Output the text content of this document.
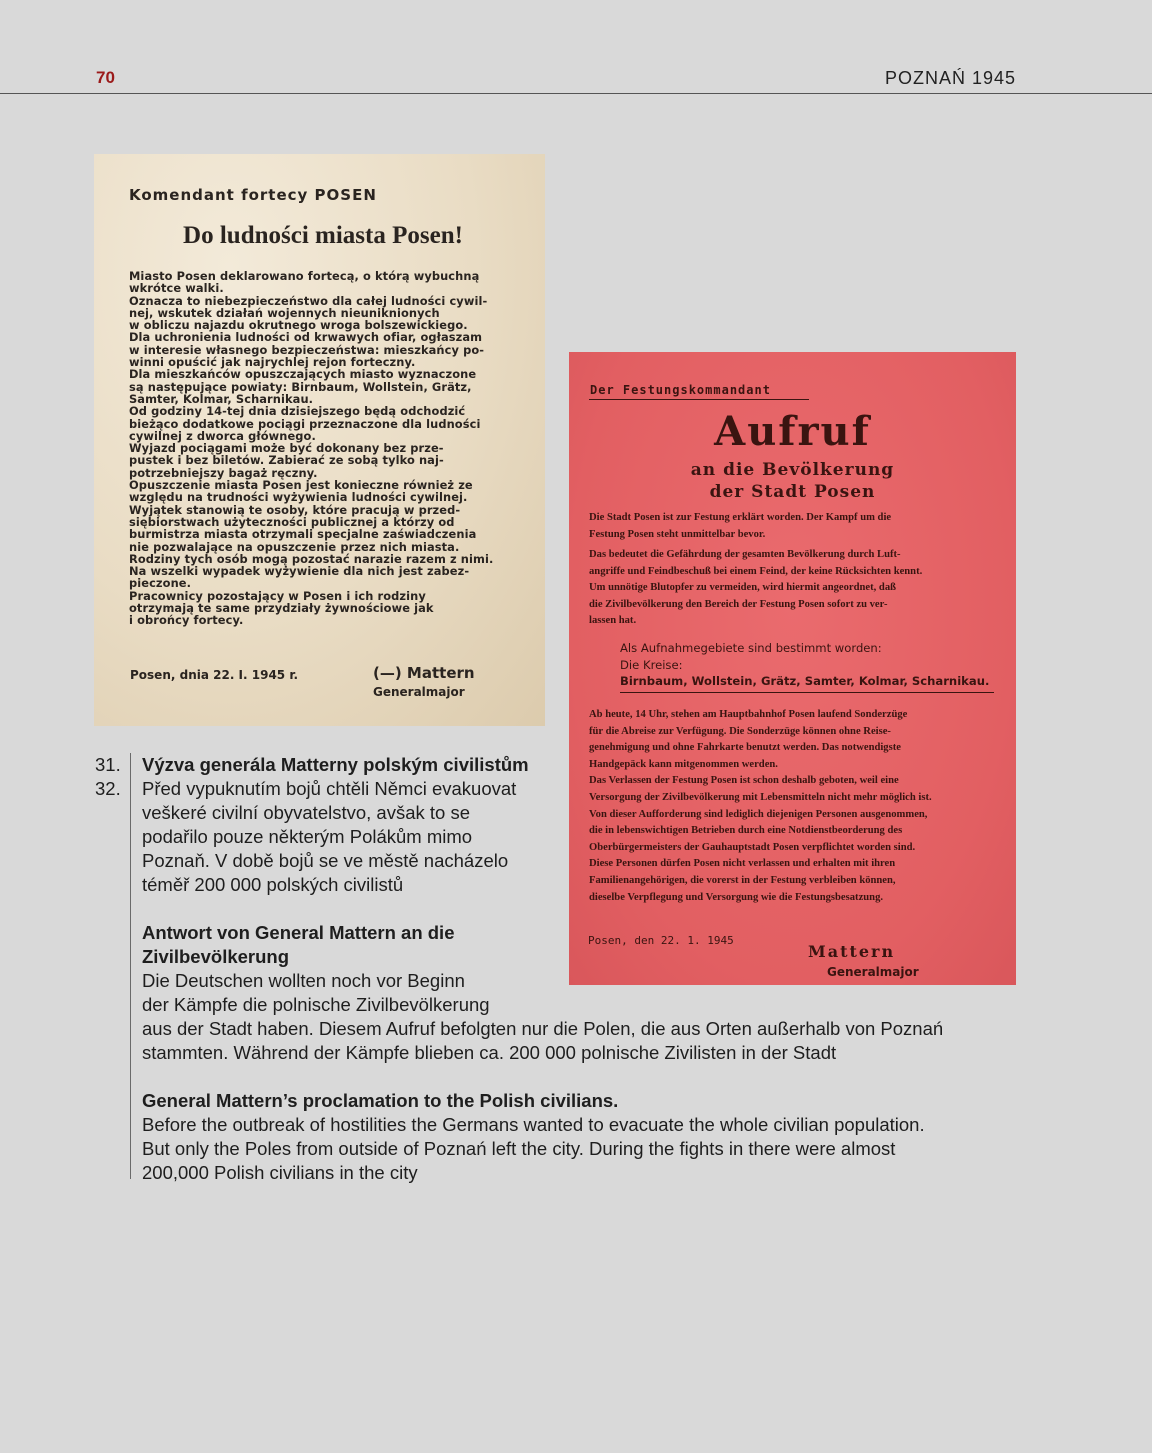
70	POZNAŃ 1945
Komendant fortecy POSEN
Do ludności miasta Posen!
Miasto Posen deklarowano fortecą, o którą wybuchną
wkrótce walki.
Oznacza to niebezpieczeństwo dla całej ludności cywil-
nej, wskutek działań wojennych nieuniknionych
w obliczu najazdu okrutnego wroga bolszewickiego.
Dla uchronienia ludności od krwawych ofiar, ogłaszam
w interesie własnego bezpieczeństwa: mieszkańcy po-
winni opuścić jak najrychlej rejon forteczny.
Dla mieszkańców opuszczających miasto wyznaczone
są następujące powiaty: Birnbaum, Wollstein, Grätz,
Samter, Kolmar, Scharnikau.
Od godziny 14-tej dnia dzisiejszego będą odchodzić
bieżąco dodatkowe pociągi przeznaczone dla ludności
cywilnej z dworca głównego.
Wyjazd pociągami może być dokonany bez prze-
pustek i bez biletów. Zabierać ze sobą tylko naj-
potrzebniejszy bagaż ręczny.
Opuszczenie miasta Posen jest konieczne również ze
względu na trudności wyżywienia ludności cywilnej.
Wyjątek stanowią te osoby, które pracują w przed-
siębiorstwach użyteczności publicznej a którzy od
burmistrza miasta otrzymali specjalne zaświadczenia
nie pozwalające na opuszczenie przez nich miasta.
Rodziny tych osób mogą pozostać narazie razem z nimi.
Na wszelki wypadek wyżywienie dla nich jest zabez-
pieczone.
Pracownicy pozostający w Posen i ich rodziny
otrzymają te same przydziały żywnościowe jak
i obrońcy fortecy.
Posen, dnia 22. I. 1945 r.	(—) Mattern
Generalmajor
Der Festungskommandant
Aufruf
an die Bevölkerung
der Stadt Posen
Die Stadt Posen ist zur Festung erklärt worden. Der Kampf um die
Festung Posen steht unmittelbar bevor.
Das bedeutet die Gefährdung der gesamten Bevölkerung durch Luft-
angriffe und Feindbeschuß bei einem Feind, der keine Rücksichten kennt.
Um unnötige Blutopfer zu vermeiden, wird hiermit angeordnet, daß
die Zivilbevölkerung den Bereich der Festung Posen sofort zu ver-
lassen hat.
Als Aufnahmegebiete sind bestimmt worden:
Die Kreise:
Birnbaum, Wollstein, Grätz, Samter, Kolmar, Scharnikau.
Ab heute, 14 Uhr, stehen am Hauptbahnhof Posen laufend Sonderzüge
für die Abreise zur Verfügung. Die Sonderzüge können ohne Reise-
genehmigung und ohne Fahrkarte benutzt werden. Das notwendigste
Handgepäck kann mitgenommen werden.
Das Verlassen der Festung Posen ist schon deshalb geboten, weil eine
Versorgung der Zivilbevölkerung mit Lebensmitteln nicht mehr möglich ist.
Von dieser Aufforderung sind lediglich diejenigen Personen ausgenommen,
die in lebenswichtigen Betrieben durch eine Notdienstbeorderung des
Oberbürgermeisters der Gauhauptstadt Posen verpflichtet worden sind.
Diese Personen dürfen Posen nicht verlassen und erhalten mit ihren
Familienangehörigen, die vorerst in der Festung verbleiben können,
dieselbe Verpflegung und Versorgung wie die Festungsbesatzung.
Posen, den 22. 1. 1945
Mattern
Generalmajor
31.
32.
Výzva generála Matterny polským civilistům
Před vypuknutím bojů chtěli Němci evakuovat
veškeré civilní obyvatelstvo, avšak to se
podařilo pouze některým Polákům mimo
Poznaň. V době bojů se ve městě nacházelo
téměř 200 000 polských civilistů
Antwort von General Mattern an die
Zivilbevölkerung
Die Deutschen wollten noch vor Beginn
der Kämpfe die polnische Zivilbevölkerung
aus der Stadt haben. Diesem Aufruf befolgten nur die Polen, die aus Orten außerhalb von Poznań
stammten. Während der Kämpfe blieben ca. 200 000 polnische Zivilisten in der Stadt
General Mattern’s proclamation to the Polish civilians.
Before the outbreak of hostilities the Germans wanted to evacuate the whole civilian population.
But only the Poles from outside of Poznań left the city. During the fights in there were almost
200,000 Polish civilians in the city
